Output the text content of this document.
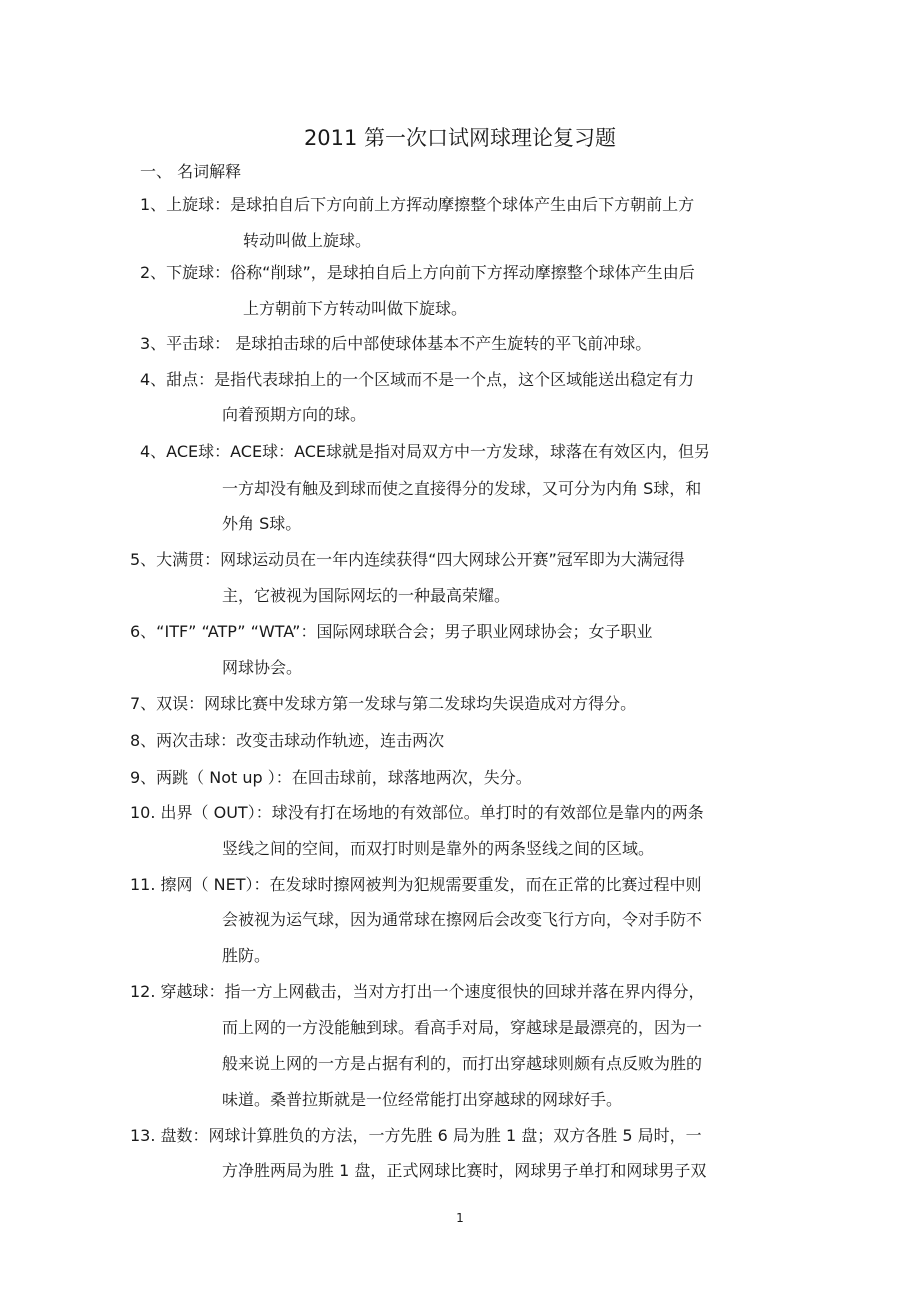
2011 第一次口试网球理论复习题
一、 名词解释
1、上旋球：是球拍自后下方向前上方挥动摩擦整个球体产生由后下方朝前上方
转动叫做上旋球。
2、下旋球：俗称“削球”，是球拍自后上方向前下方挥动摩擦整个球体产生由后
上方朝前下方转动叫做下旋球。
3、平击球： 是球拍击球的后中部使球体基本不产生旋转的平飞前冲球。
4、甜点：是指代表球拍上的一个区域而不是一个点，这个区域能送出稳定有力
向着预期方向的球。
4、ACE球：ACE球：ACE球就是指对局双方中一方发球，球落在有效区内，但另
一方却没有触及到球而使之直接得分的发球，又可分为内角 S球，和
外角 S球。
5、大满贯：网球运动员在一年内连续获得“四大网球公开赛”冠军即为大满冠得
主，它被视为国际网坛的一种最高荣耀。
6、“ITF” “ATP” “WTA”：国际网球联合会；男子职业网球协会；女子职业
网球协会。
7、双误：网球比赛中发球方第一发球与第二发球均失误造成对方得分。
8、两次击球：改变击球动作轨迹，连击两次
9、两跳（ Not up ）：在回击球前，球落地两次，失分。
10. 出界（ OUT）：球没有打在场地的有效部位。单打时的有效部位是靠内的两条
竖线之间的空间，而双打时则是靠外的两条竖线之间的区域。
11. 擦网（ NET）：在发球时擦网被判为犯规需要重发，而在正常的比赛过程中则
会被视为运气球，因为通常球在擦网后会改变飞行方向，令对手防不
胜防。
12. 穿越球：指一方上网截击，当对方打出一个速度很快的回球并落在界内得分，
而上网的一方没能触到球。看高手对局，穿越球是最漂亮的，因为一
般来说上网的一方是占据有利的，而打出穿越球则颇有点反败为胜的
味道。桑普拉斯就是一位经常能打出穿越球的网球好手。
13. 盘数：网球计算胜负的方法，一方先胜 6 局为胜 1 盘；双方各胜 5 局时，一
方净胜两局为胜 1 盘，正式网球比赛时，网球男子单打和网球男子双
1
